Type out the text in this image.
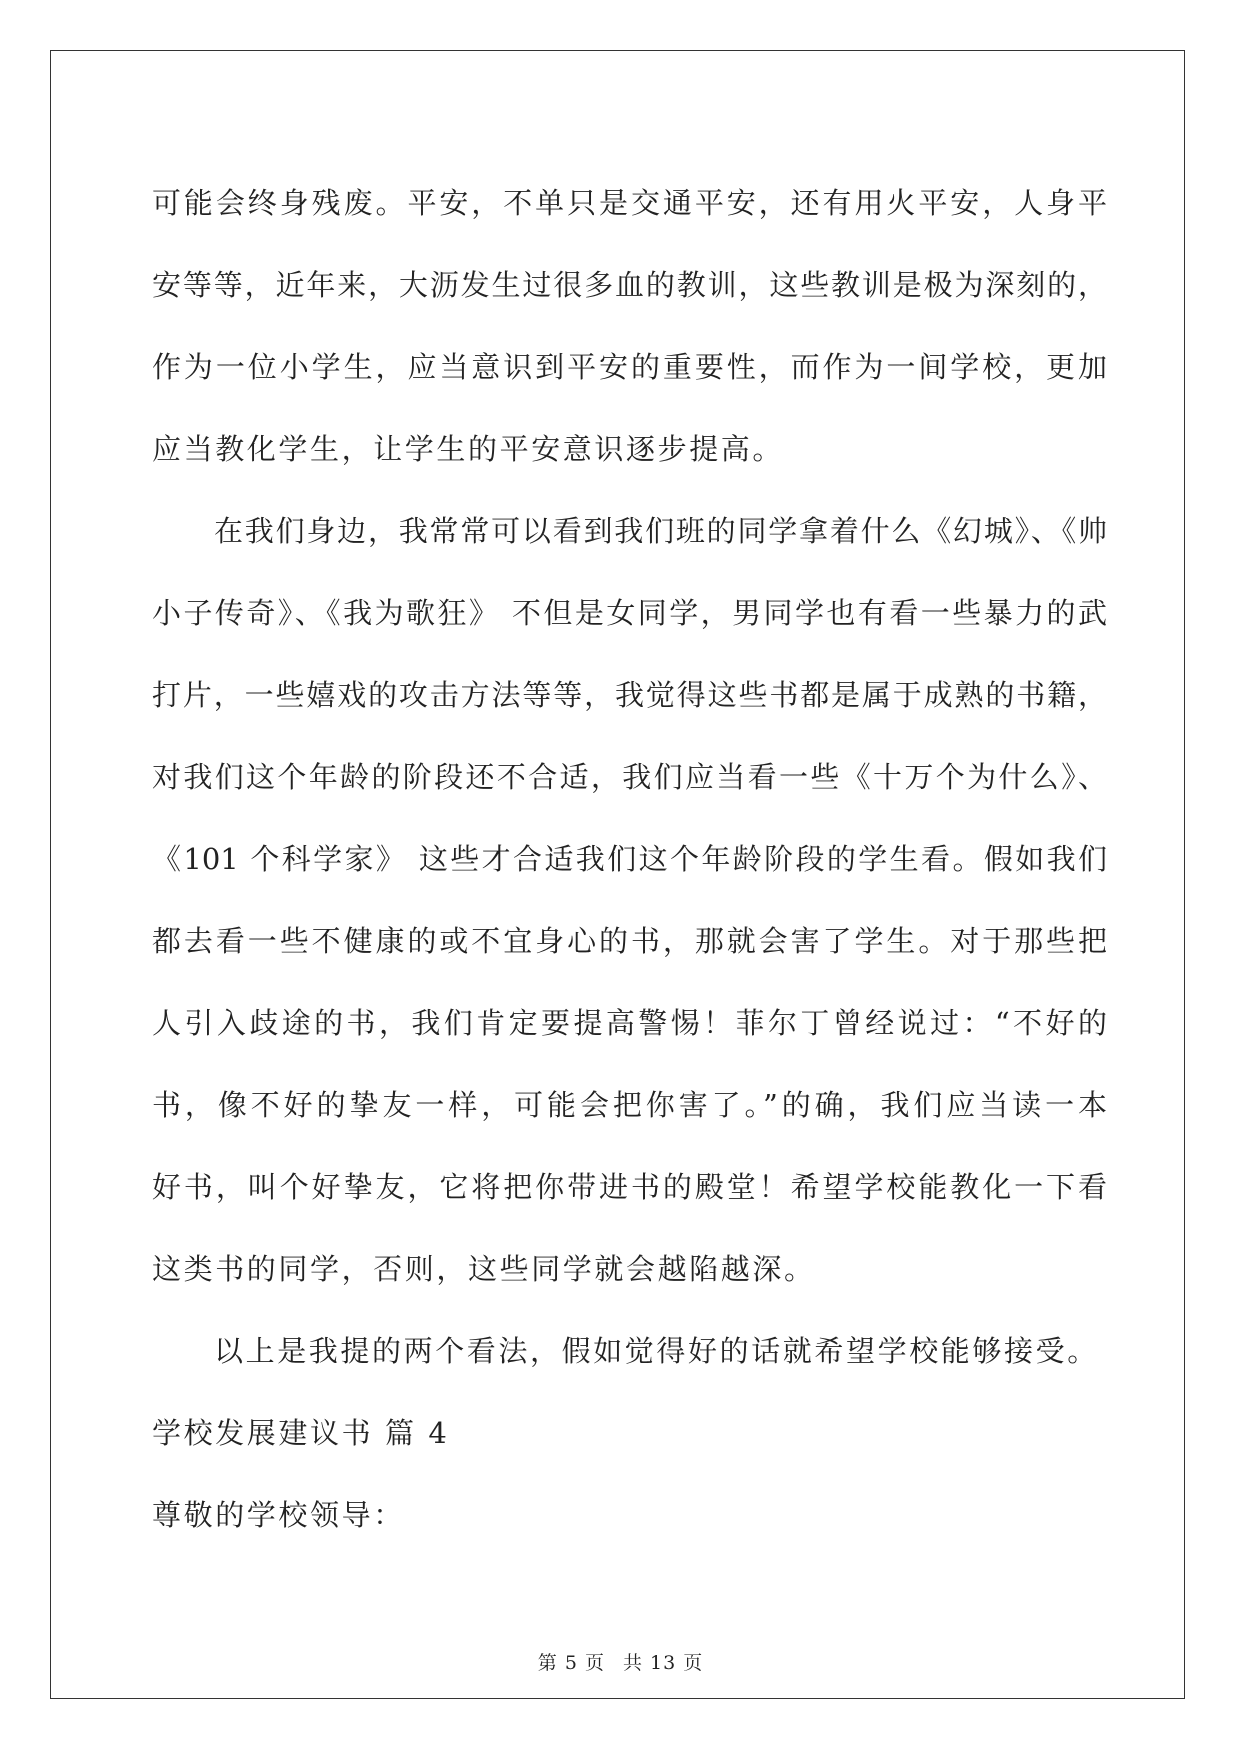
可能会终身残废。平安，不单只是交通平安，还有用火平安，人身平
安等等，近年来，大沥发生过很多血的教训，这些教训是极为深刻的，
作为一位小学生，应当意识到平安的重要性，而作为一间学校，更加
应当教化学生，让学生的平安意识逐步提高。
在我们身边，我常常可以看到我们班的同学拿着什么《幻城》、《帅
小子传奇》、《我为歌狂》 不但是女同学，男同学也有看一些暴力的武
打片，一些嬉戏的攻击方法等等，我觉得这些书都是属于成熟的书籍，
对我们这个年龄的阶段还不合适，我们应当看一些《十万个为什么》、
《101 个科学家》 这些才合适我们这个年龄阶段的学生看。假如我们
都去看一些不健康的或不宜身心的书，那就会害了学生。对于那些把
人引入歧途的书，我们肯定要提高警惕！菲尔丁曾经说过：“不好的
书，像不好的挚友一样，可能会把你害了。”的确，我们应当读一本
好书，叫个好挚友，它将把你带进书的殿堂！希望学校能教化一下看
这类书的同学，否则，这些同学就会越陷越深。
以上是我提的两个看法，假如觉得好的话就希望学校能够接受。
学校发展建议书 篇 4
尊敬的学校领导：
第 5 页 共 13 页
